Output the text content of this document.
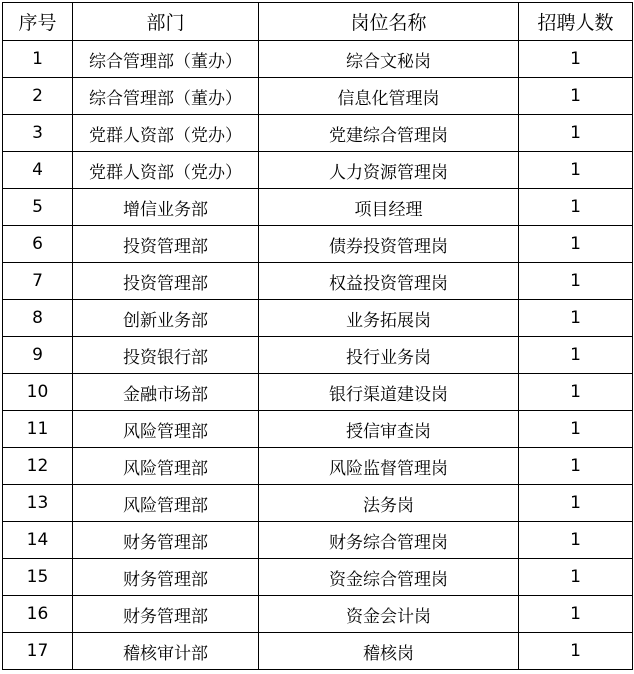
序号	部门	岗位名称	招聘人数
1	综合管理部（董办）	综合文秘岗	1
2	综合管理部（董办）	信息化管理岗	1
3	党群人资部（党办）	党建综合管理岗	1
4	党群人资部（党办）	人力资源管理岗	1
5	增信业务部	项目经理	1
6	投资管理部	债券投资管理岗	1
7	投资管理部	权益投资管理岗	1
8	创新业务部	业务拓展岗	1
9	投资银行部	投行业务岗	1
10	金融市场部	银行渠道建设岗	1
11	风险管理部	授信审查岗	1
12	风险管理部	风险监督管理岗	1
13	风险管理部	法务岗	1
14	财务管理部	财务综合管理岗	1
15	财务管理部	资金综合管理岗	1
16	财务管理部	资金会计岗	1
17	稽核审计部	稽核岗	1
